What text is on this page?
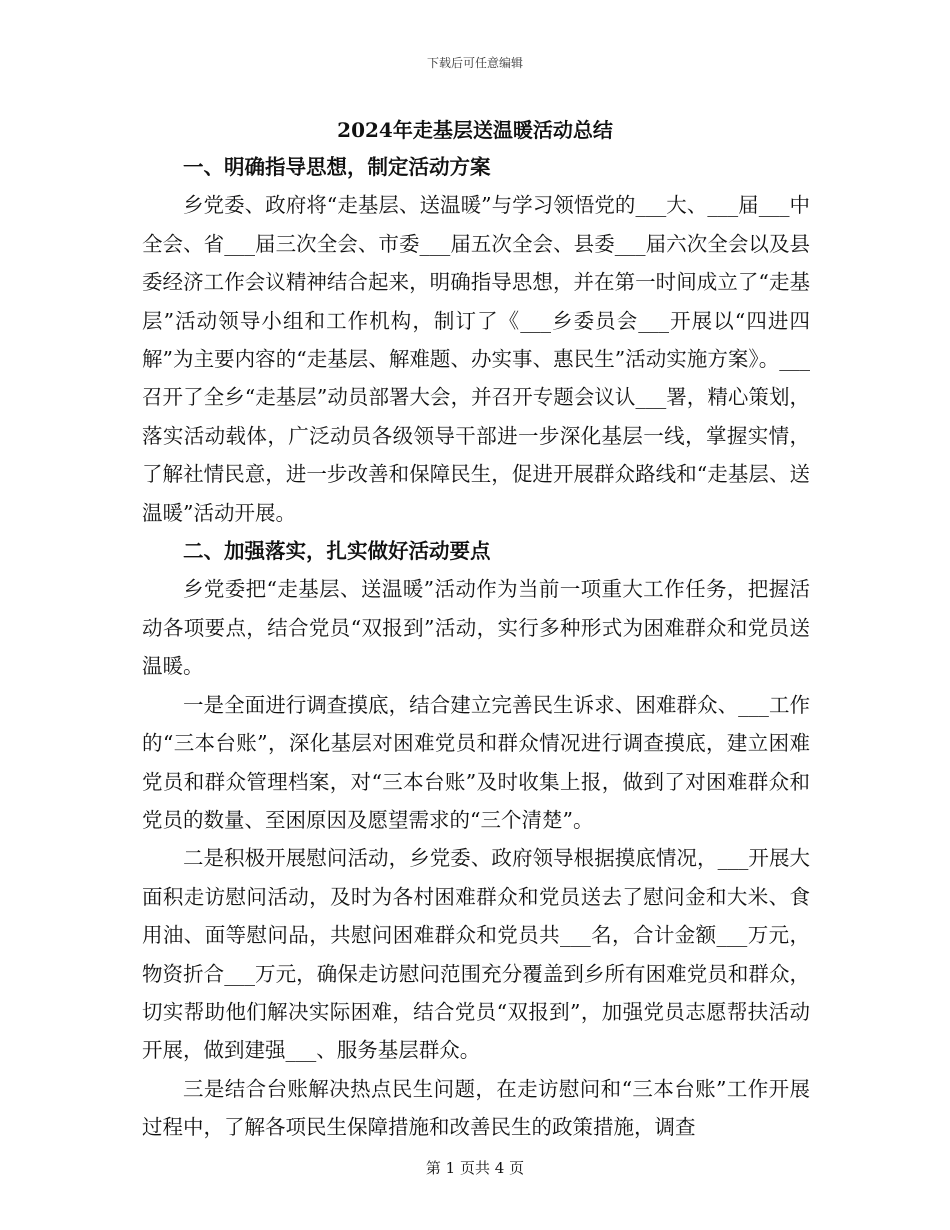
下载后可任意编辑
2024年走基层送温暖活动总结
一、明确指导思想，制定活动方案

乡党委、政府将“走基层、送温暖”与学习领悟党的___大、___届___中全会、省___届三次全会、市委___届五次全会、县委___届六次全会以及县委经济工作会议精神结合起来，明确指导思想，并在第一时间成立了“走基层”活动领导小组和工作机构，制订了《___乡委员会___开展以“四进四解”为主要内容的“走基层、解难题、办实事、惠民生”活动实施方案》。___召开了全乡“走基层”动员部署大会，并召开专题会议认___署，精心策划，落实活动载体，广泛动员各级领导干部进一步深化基层一线，掌握实情，了解社情民意，进一步改善和保障民生，促进开展群众路线和“走基层、送温暖”活动开展。

二、加强落实，扎实做好活动要点

乡党委把“走基层、送温暖”活动作为当前一项重大工作任务，把握活动各项要点，结合党员“双报到”活动，实行多种形式为困难群众和党员送温暖。

一是全面进行调查摸底，结合建立完善民生诉求、困难群众、___工作的“三本台账”，深化基层对困难党员和群众情况进行调查摸底，建立困难党员和群众管理档案，对“三本台账”及时收集上报，做到了对困难群众和党员的数量、至困原因及愿望需求的“三个清楚”。

二是积极开展慰问活动，乡党委、政府领导根据摸底情况，___开展大面积走访慰问活动，及时为各村困难群众和党员送去了慰问金和大米、食用油、面等慰问品，共慰问困难群众和党员共___名，合计金额___万元，物资折合___万元，确保走访慰问范围充分覆盖到乡所有困难党员和群众，切实帮助他们解决实际困难，结合党员“双报到”，加强党员志愿帮扶活动开展，做到建强___、服务基层群众。

三是结合台账解决热点民生问题，在走访慰问和“三本台账”工作开展过程中，了解各项民生保障措施和改善民生的政策措施，调查

第 1 页共 4 页
